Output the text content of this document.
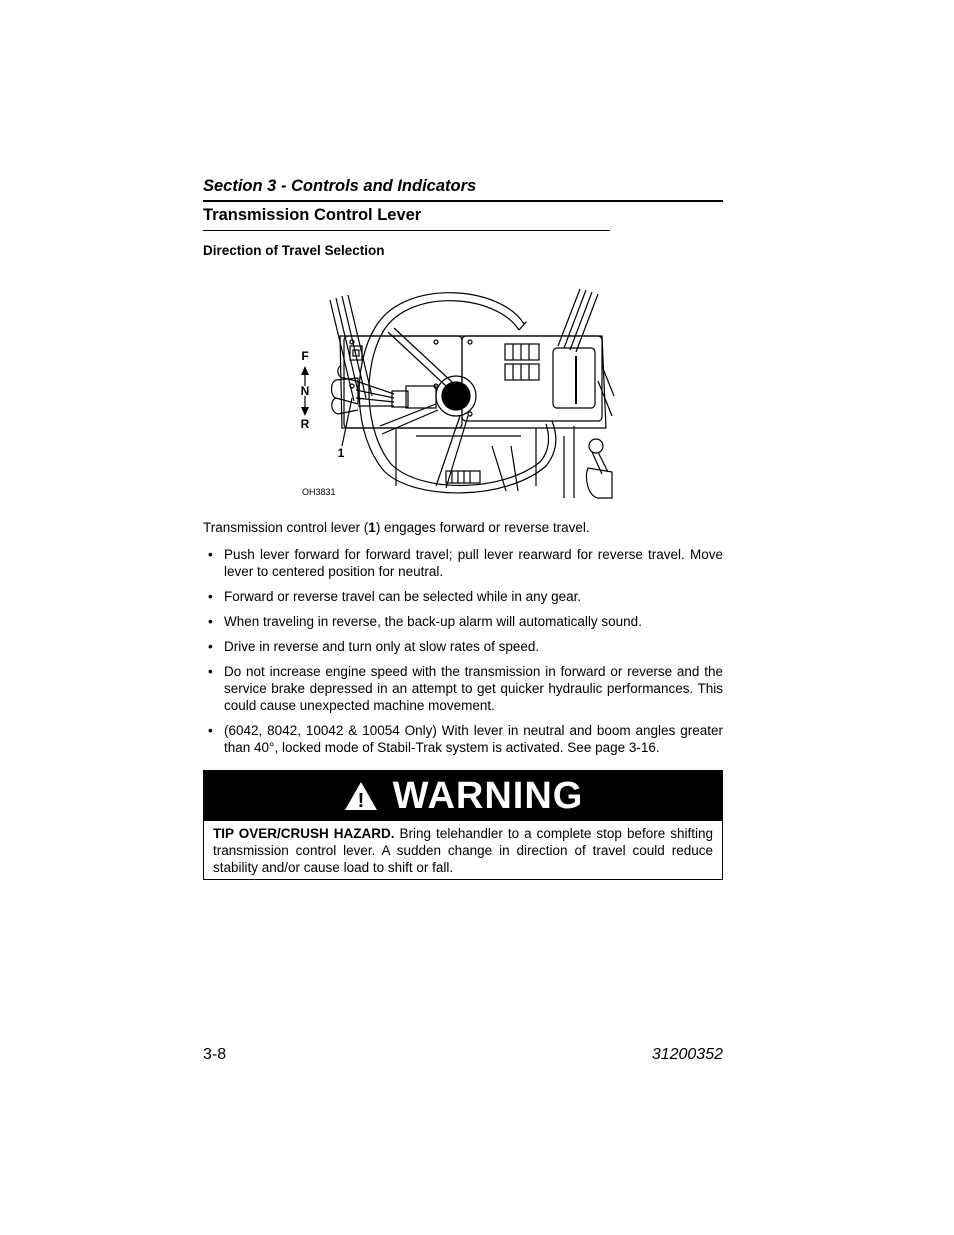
Section 3 - Controls and Indicators
Transmission Control Lever
Direction of Travel Selection
F
N
R
1
OH3831
Transmission control lever (1) engages forward or reverse travel.
• Push lever forward for forward travel; pull lever rearward for reverse travel. Move lever to centered position for neutral.
• Forward or reverse travel can be selected while in any gear.
• When traveling in reverse, the back-up alarm will automatically sound.
• Drive in reverse and turn only at slow rates of speed.
• Do not increase engine speed with the transmission in forward or reverse and the service brake depressed in an attempt to get quicker hydraulic performances. This could cause unexpected machine movement.
• (6042, 8042, 10042 & 10054 Only) With lever in neutral and boom angles greater than 40°, locked mode of Stabil-Trak system is activated. See page 3-16.
! WARNING
TIP OVER/CRUSH HAZARD. Bring telehandler to a complete stop before shifting transmission control lever. A sudden change in direction of travel could reduce stability and/or cause load to shift or fall.
3-8	31200352
